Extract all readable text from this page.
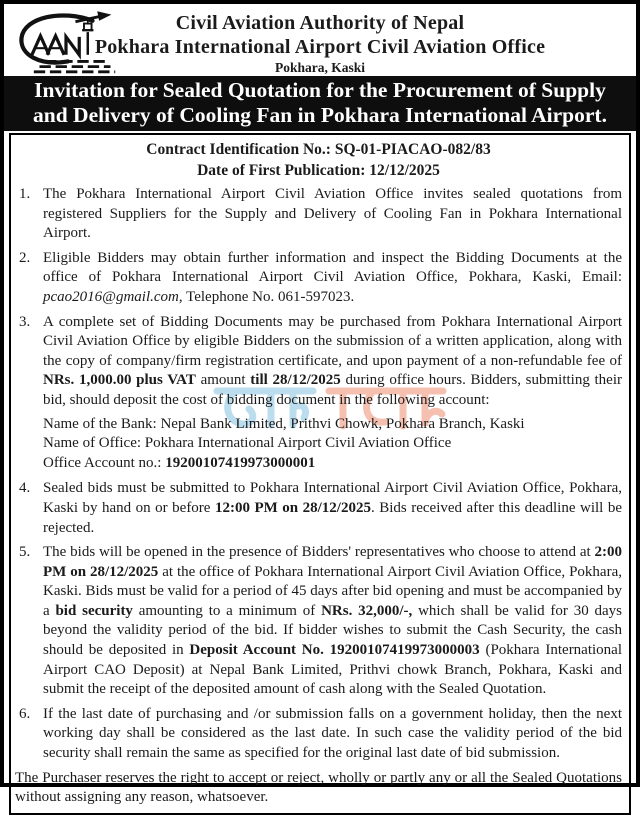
Civil Aviation Authority of Nepal
Pokhara International Airport Civil Aviation Office
Pokhara, Kaski
Invitation for Sealed Quotation for the Procurement of Supply
and Delivery of Cooling Fan in Pokhara International Airport.
Contract Identification No.: SQ-01-PIACAO-082/83
Date of First Publication: 12/12/2025
1. The Pokhara International Airport Civil Aviation Office invites sealed quotations from registered Suppliers for the Supply and Delivery of Cooling Fan in Pokhara International Airport.

2. Eligible Bidders may obtain further information and inspect the Bidding Documents at the office of Pokhara International Airport Civil Aviation Office, Pokhara, Kaski, Email: pcao2016@gmail.com, Telephone No. 061-597023.

3. A complete set of Bidding Documents may be purchased from Pokhara International Airport Civil Aviation Office by eligible Bidders on the submission of a written application, along with the copy of company/firm registration certificate, and upon payment of a non-refundable fee of NRs. 1,000.00 plus VAT amount till 28/12/2025 during office hours. Bidders, submitting their bid, should deposit the cost of bidding document in the following account:

Name of the Bank: Nepal Bank Limited, Prithvi Chowk, Pokhara Branch, Kaski
Name of Office: Pokhara International Airport Civil Aviation Office
Office Account no.: 19200107419973000001
4. Sealed bids must be submitted to Pokhara International Airport Civil Aviation Office, Pokhara, Kaski by hand on or before 12:00 PM on 28/12/2025. Bids received after this deadline will be rejected.

5. The bids will be opened in the presence of Bidders' representatives who choose to attend at 2:00 PM on 28/12/2025 at the office of Pokhara International Airport Civil Aviation Office, Pokhara, Kaski. Bids must be valid for a period of 45 days after bid opening and must be accompanied by a bid security amounting to a minimum of NRs. 32,000/-, which shall be valid for 30 days beyond the validity period of the bid. If bidder wishes to submit the Cash Security, the cash should be deposited in Deposit Account No. 19200107419973000003 (Pokhara International Airport CAO Deposit) at Nepal Bank Limited, Prithvi chowk Branch, Pokhara, Kaski and submit the receipt of the deposited amount of cash along with the Sealed Quotation.

6. If the last date of purchasing and /or submission falls on a government holiday, then the next working day shall be considered as the last date. In such case the validity period of the bid security shall remain the same as specified for the original last date of bid submission.

The Purchaser reserves the right to accept or reject, wholly or partly any or all the Sealed Quotations without assigning any reason, whatsoever.
